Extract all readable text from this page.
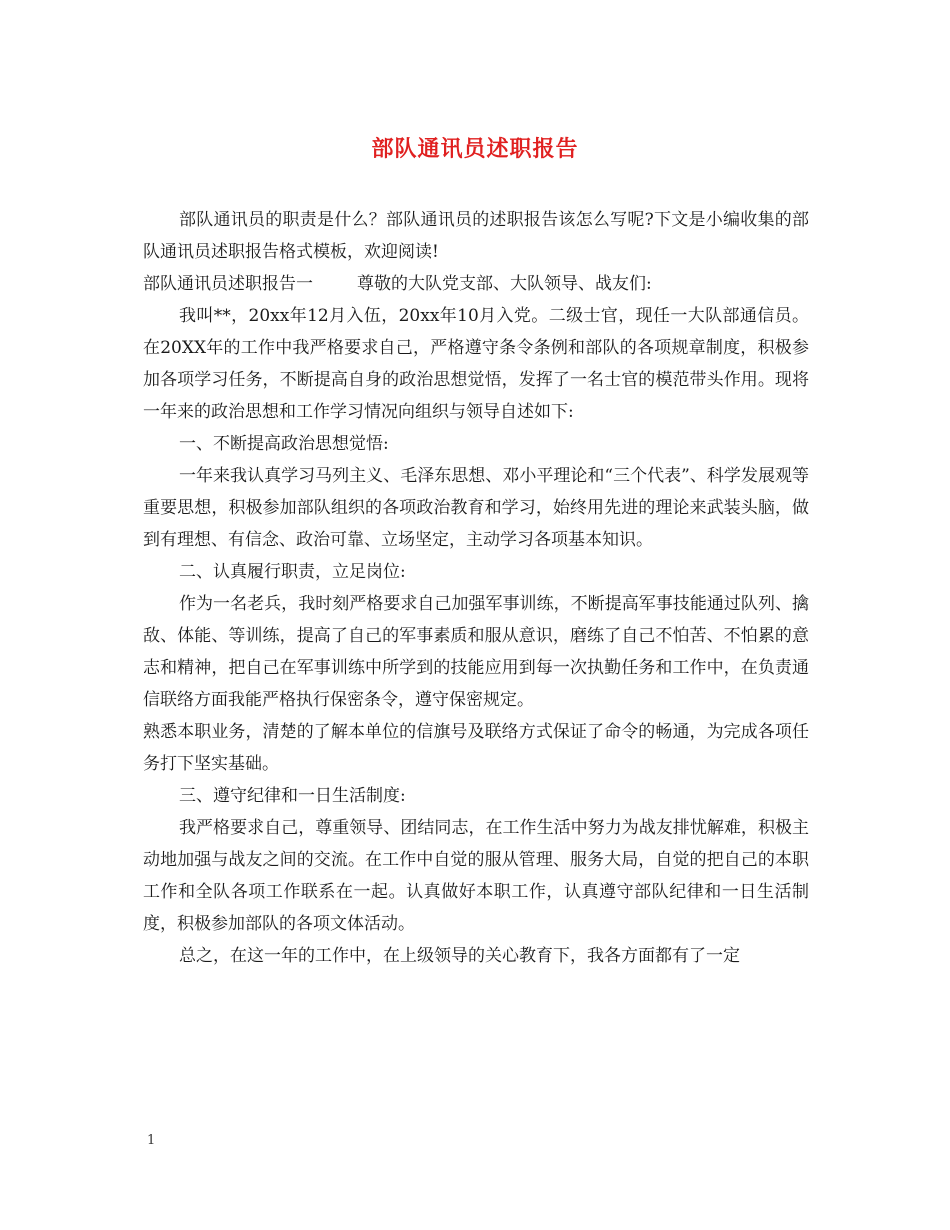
部队通讯员述职报告

部队通讯员的职责是什么？部队通讯员的述职报告该怎么写呢?下文是小编收集的部队通讯员述职报告格式模板，欢迎阅读!

部队通讯员述职报告一	尊敬的大队党支部、大队领导、战友们:

我叫**，20xx年12月入伍，20xx年10月入党。二级士官，现任一大队部通信员。在20XX年的工作中我严格要求自己，严格遵守条令条例和部队的各项规章制度，积极参加各项学习任务，不断提高自身的政治思想觉悟，发挥了一名士官的模范带头作用。现将一年来的政治思想和工作学习情况向组织与领导自述如下:

一、不断提高政治思想觉悟:

一年来我认真学习马列主义、毛泽东思想、邓小平理论和“三个代表”、科学发展观等重要思想，积极参加部队组织的各项政治教育和学习，始终用先进的理论来武装头脑，做到有理想、有信念、政治可靠、立场坚定，主动学习各项基本知识。

二、认真履行职责，立足岗位:

作为一名老兵，我时刻严格要求自己加强军事训练，不断提高军事技能通过队列、擒敌、体能、等训练，提高了自己的军事素质和服从意识，磨练了自己不怕苦、不怕累的意志和精神，把自己在军事训练中所学到的技能应用到每一次执勤任务和工作中，在负责通信联络方面我能严格执行保密条令，遵守保密规定。

熟悉本职业务，清楚的了解本单位的信旗号及联络方式保证了命令的畅通，为完成各项任务打下坚实基础。

三、遵守纪律和一日生活制度:

我严格要求自己，尊重领导、团结同志，在工作生活中努力为战友排忧解难，积极主动地加强与战友之间的交流。在工作中自觉的服从管理、服务大局，自觉的把自己的本职工作和全队各项工作联系在一起。认真做好本职工作，认真遵守部队纪律和一日生活制度，积极参加部队的各项文体活动。

总之，在这一年的工作中，在上级领导的关心教育下，我各方面都有了一定

1
